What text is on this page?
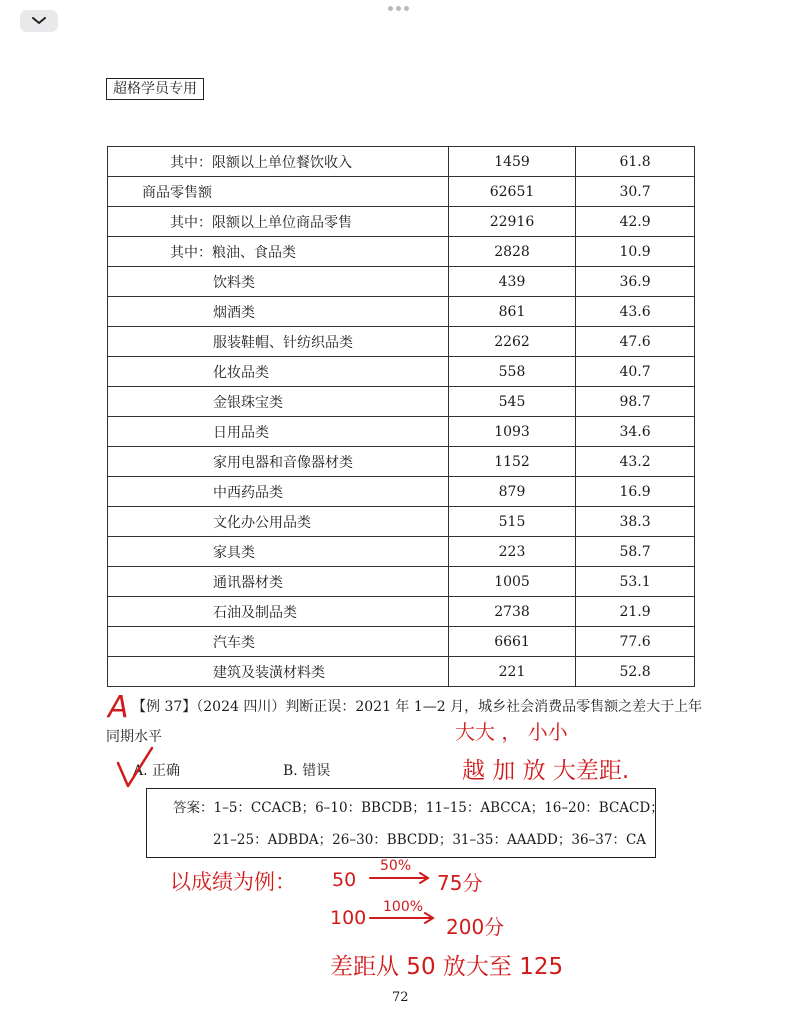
超格学员专用
其中：限额以上单位餐饮收入	1459	61.8
商品零售额	62651	30.7
其中：限额以上单位商品零售	22916	42.9
其中：粮油、食品类	2828	10.9
饮料类	439	36.9
烟酒类	861	43.6
服装鞋帽、针纺织品类	2262	47.6
化妆品类	558	40.7
金银珠宝类	545	98.7
日用品类	1093	34.6
家用电器和音像器材类	1152	43.2
中西药品类	879	16.9
文化办公用品类	515	38.3
家具类	223	58.7
通讯器材类	1005	53.1
石油及制品类	2738	21.9
汽车类	6661	77.6
建筑及装潢材料类	221	52.8
【例 37】（2024 四川）判断正误：2021 年 1—2 月，城乡社会消费品零售额之差大于上年
同期水平
A. 正确	B. 错误
答案：1–5：CCACB；6–10：BBCDB；11–15：ABCCA；16–20：BCACD；
21–25：ADBDA；26–30：BBCDD；31–35：AAADD；36–37：CA
72
A
大大 ， 小小
越 加 放 大差距.
以成绩为例： 50
50%
75分
100 100%
200分
差距从 50 放大至 125
